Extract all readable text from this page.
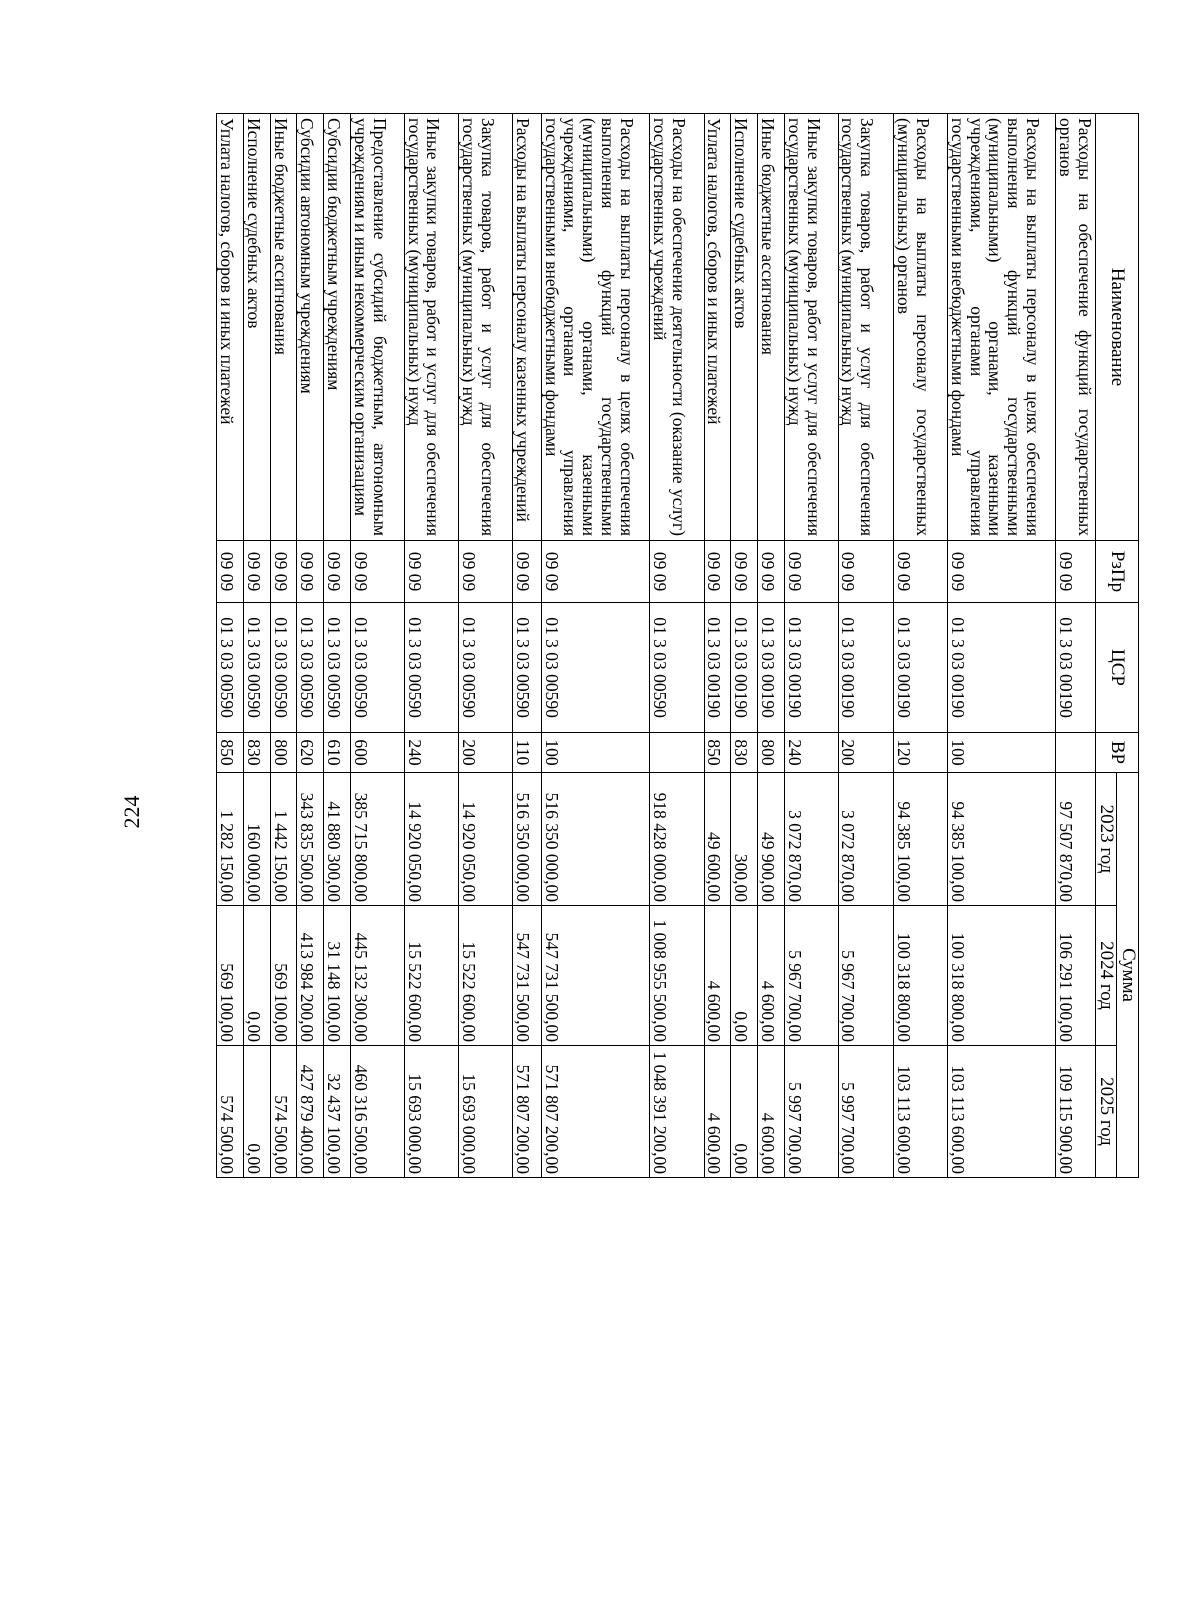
224
Наименование	РзПр	ЦСР	ВР	Сумма		
				2023 год	2024 год	2025 год
Расходы на обеспечение функций государственных органов	09 09	01 3 03 00190		97 507 870,00	106 291 100,00	109 115 900,00
Расходы на выплаты персоналу в целях обеспечения выполнения функций государственными (муниципальными) органами, казенными учреждениями, органами управления государственными внебюджетными фондами	09 09	01 3 03 00190	100	94 385 100,00	100 318 800,00	103 113 600,00
Расходы на выплаты персоналу государственных (муниципальных) органов	09 09	01 3 03 00190	120	94 385 100,00	100 318 800,00	103 113 600,00
Закупка товаров, работ и услуг для обеспечения государственных (муниципальных) нужд	09 09	01 3 03 00190	200	3 072 870,00	5 967 700,00	5 997 700,00
Иные закупки товаров, работ и услуг для обеспечения государственных (муниципальных) нужд	09 09	01 3 03 00190	240	3 072 870,00	5 967 700,00	5 997 700,00
Иные бюджетные ассигнования	09 09	01 3 03 00190	800	49 900,00	4 600,00	4 600,00
Исполнение судебных актов	09 09	01 3 03 00190	830	300,00	0,00	0,00
Уплата налогов, сборов и иных платежей	09 09	01 3 03 00190	850	49 600,00	4 600,00	4 600,00
Расходы на обеспечение деятельности (оказание услуг) государственных учреждений	09 09	01 3 03 00590		918 428 000,00	1 008 955 500,00	1 048 391 200,00
Расходы на выплаты персоналу в целях обеспечения выполнения функций государственными (муниципальными) органами, казенными учреждениями, органами управления государственными внебюджетными фондами	09 09	01 3 03 00590	100	516 350 000,00	547 731 500,00	571 807 200,00
Расходы на выплаты персоналу казенных учреждений	09 09	01 3 03 00590	110	516 350 000,00	547 731 500,00	571 807 200,00
Закупка товаров, работ и услуг для обеспечения государственных (муниципальных) нужд	09 09	01 3 03 00590	200	14 920 050,00	15 522 600,00	15 693 000,00
Иные закупки товаров, работ и услуг для обеспечения государственных (муниципальных) нужд	09 09	01 3 03 00590	240	14 920 050,00	15 522 600,00	15 693 000,00
Предоставление субсидий бюджетным, автономным учреждениям и иным некоммерческим организациям	09 09	01 3 03 00590	600	385 715 800,00	445 132 300,00	460 316 500,00
Субсидии бюджетным учреждениям	09 09	01 3 03 00590	610	41 880 300,00	31 148 100,00	32 437 100,00
Субсидии автономным учреждениям	09 09	01 3 03 00590	620	343 835 500,00	413 984 200,00	427 879 400,00
Иные бюджетные ассигнования	09 09	01 3 03 00590	800	1 442 150,00	569 100,00	574 500,00
Исполнение судебных актов	09 09	01 3 03 00590	830	160 000,00	0,00	0,00
Уплата налогов, сборов и иных платежей	09 09	01 3 03 00590	850	1 282 150,00	569 100,00	574 500,00
